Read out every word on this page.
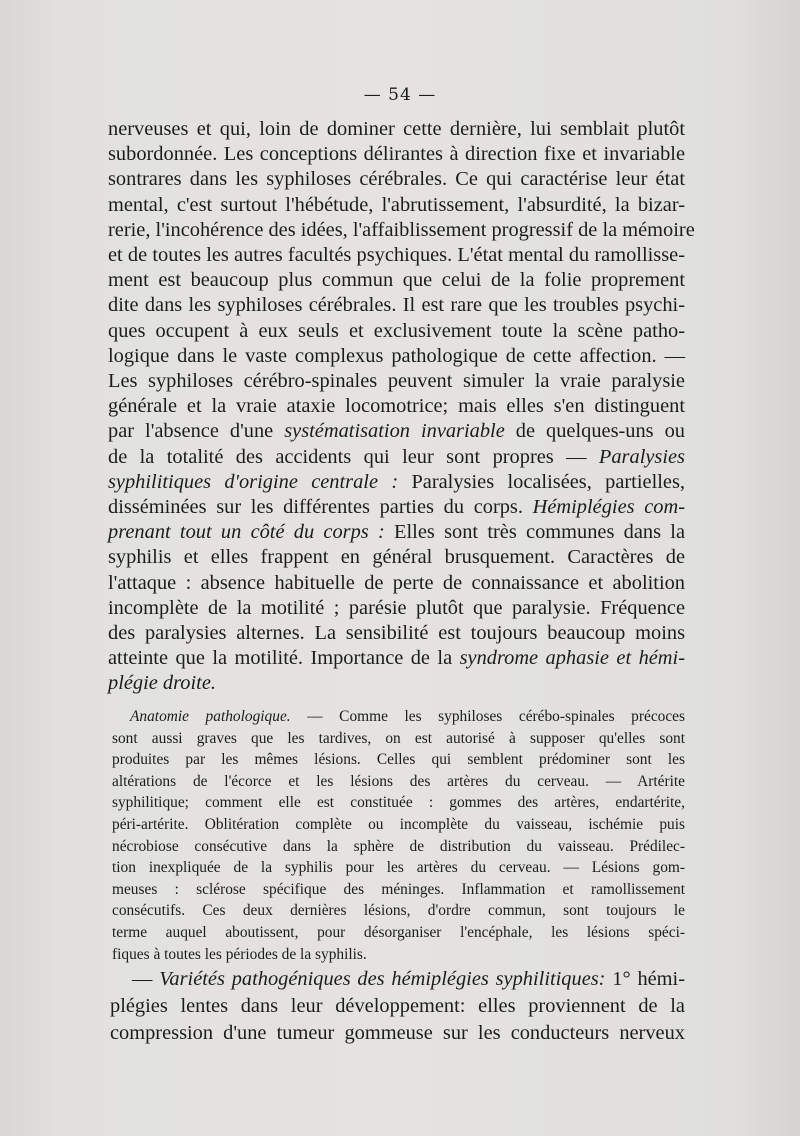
— 54 —
nerveuses et qui, loin de dominer cette dernière, lui semblait plutôt
subordonnée. Les conceptions délirantes à direction fixe et invariable
sontrares dans les syphiloses cérébrales. Ce qui caractérise leur état
mental, c'est surtout l'hébétude, l'abrutissement, l'absurdité, la bizar-
rerie, l'incohérence des idées, l'affaiblissement progressif de la mémoire
et de toutes les autres facultés psychiques. L'état mental du ramollisse-
ment est beaucoup plus commun que celui de la folie proprement
dite dans les syphiloses cérébrales. Il est rare que les troubles psychi-
ques occupent à eux seuls et exclusivement toute la scène patho-
logique dans le vaste complexus pathologique de cette affection. —
Les syphiloses cérébro-spinales peuvent simuler la vraie paralysie
générale et la vraie ataxie locomotrice; mais elles s'en distinguent
par l'absence d'une systématisation invariable de quelques-uns ou
de la totalité des accidents qui leur sont propres — Paralysies
syphilitiques d'origine centrale : Paralysies localisées, partielles,
disséminées sur les différentes parties du corps. Hémiplégies com-
prenant tout un côté du corps : Elles sont très communes dans la
syphilis et elles frappent en général brusquement. Caractères de
l'attaque : absence habituelle de perte de connaissance et abolition
incomplète de la motilité ; parésie plutôt que paralysie. Fréquence
des paralysies alternes. La sensibilité est toujours beaucoup moins
atteinte que la motilité. Importance de la syndrome aphasie et hémi-
plégie droite.
Anatomie pathologique. — Comme les syphiloses cérébo-spinales précoces
sont aussi graves que les tardives, on est autorisé à supposer qu'elles sont
produites par les mêmes lésions. Celles qui semblent prédominer sont les
altérations de l'écorce et les lésions des artères du cerveau. — Artérite
syphilitique; comment elle est constituée : gommes des artères, endartérite,
péri-artérite. Oblitération complète ou incomplète du vaisseau, ischémie puis
nécrobiose consécutive dans la sphère de distribution du vaisseau. Prédilec-
tion inexpliquée de la syphilis pour les artères du cerveau. — Lésions gom-
meuses : sclérose spécifique des méninges. Inflammation et ramollissement
consécutifs. Ces deux dernières lésions, d'ordre commun, sont toujours le
terme auquel aboutissent, pour désorganiser l'encéphale, les lésions spéci-
fiques à toutes les périodes de la syphilis.
— Variétés pathogéniques des hémiplégies syphilitiques: 1° hémi-
plégies lentes dans leur développement: elles proviennent de la
compression d'une tumeur gommeuse sur les conducteurs nerveux
